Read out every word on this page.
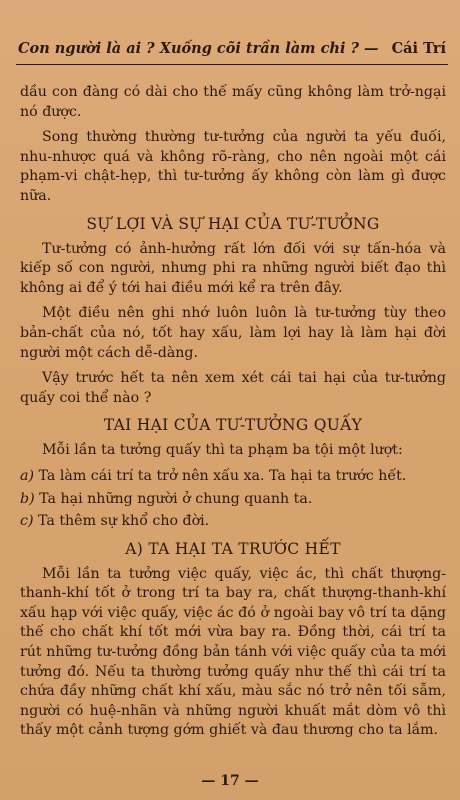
Con người là ai ? Xuống cõi trần làm chi ? — Cái Trí

dầu con đàng có dài cho thế mấy cũng không làm trở-ngại nó được.

Song thường thường tư-tưởng của người ta yếu đuối, nhu-nhược quá và không rõ-ràng, cho nên ngoài một cái phạm-vi chật-hẹp, thì tư-tưởng ấy không còn làm gì được nữa.

SỰ LỢI VÀ SỰ HẠI CỦA TƯ-TƯỞNG

Tư-tưởng có ảnh-hưởng rất lớn đối với sự tấn-hóa và kiếp số con người, nhưng phi ra những người biết đạo thì không ai để ý tới hai điều mới kể ra trên đây.

Một điều nên ghi nhớ luôn luôn là tư-tưởng tùy theo bản-chất của nó, tốt hay xấu, làm lợi hay là làm hại đời người một cách dễ-dàng.

Vậy trước hết ta nên xem xét cái tai hại của tư-tưởng quấy coi thể nào ?

TAI HẠI CỦA TƯ-TƯỞNG QUẤY

Mỗi lần ta tưởng quấy thì ta phạm ba tội một lượt:

a) Ta làm cái trí ta trở nên xấu xa. Ta hại ta trước hết.
b) Ta hại những người ở chung quanh ta.
c) Ta thêm sự khổ cho đời.
A) TA HẠI TA TRƯỚC HẾT

Mỗi lần ta tưởng việc quấy, việc ác, thì chất thượng-thanh-khí tốt ở trong trí ta bay ra, chất thượng-thanh-khí xấu hạp với việc quấy, việc ác đó ở ngoài bay vô trí ta dặng thế cho chất khí tốt mới vừa bay ra. Đồng thời, cái trí ta rút những tư-tưởng đồng bản tánh với việc quấy của ta mới tưởng đó. Nếu ta thường tưởng quấy như thế thì cái trí ta chứa đầy những chất khí xấu, màu sắc nó trở nên tối sẫm, người có huệ-nhãn và những người khuất mắt dòm vô thì thấy một cảnh tượng gớm ghiết và đau thương cho ta lắm.

— 17 —
